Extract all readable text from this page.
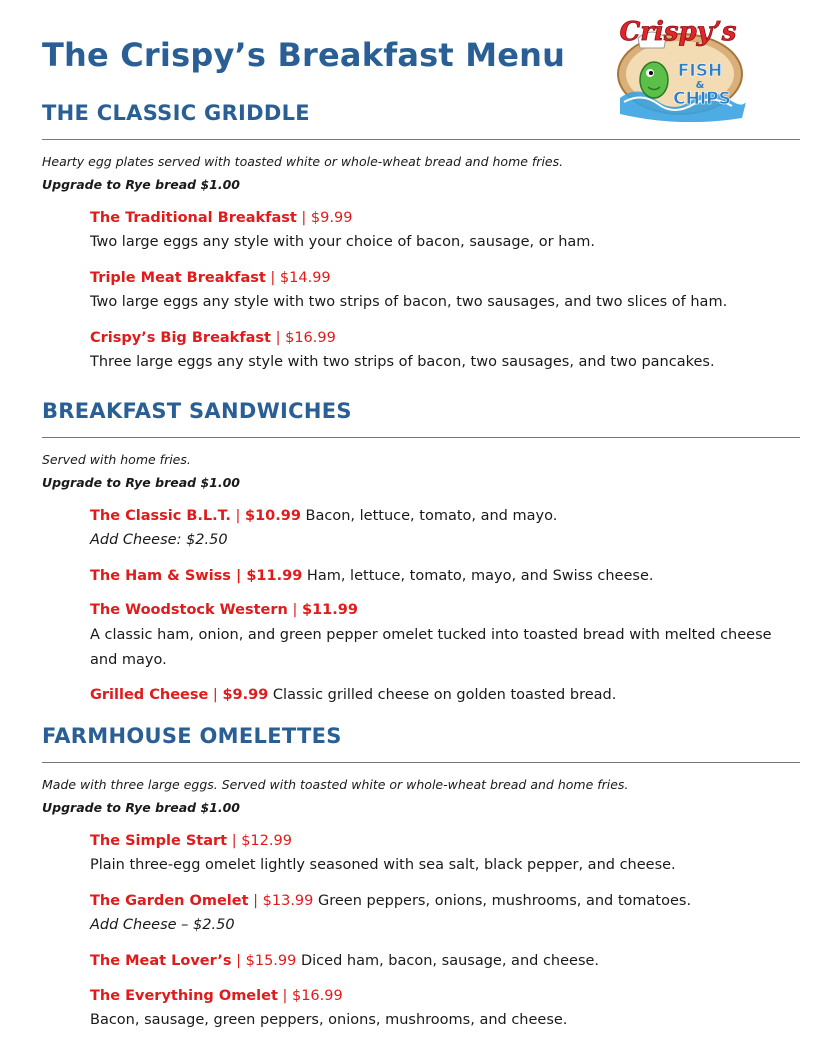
The Crispy’s Breakfast Menu
Crispy’s
FISH
&
CHIPS
THE CLASSIC GRIDDLE
Hearty egg plates served with toasted white or whole-wheat bread and home fries.
Upgrade to Rye bread $1.00
The Traditional Breakfast | $9.99
Two large eggs any style with your choice of bacon, sausage, or ham.
Triple Meat Breakfast | $14.99
Two large eggs any style with two strips of bacon, two sausages, and two slices of ham.
Crispy’s Big Breakfast | $16.99
Three large eggs any style with two strips of bacon, two sausages, and two pancakes.
BREAKFAST SANDWICHES
Served with home fries.
Upgrade to Rye bread $1.00
The Classic B.L.T. | $10.99 Bacon, lettuce, tomato, and mayo.
Add Cheese: $2.50
The Ham & Swiss | $11.99 Ham, lettuce, tomato, mayo, and Swiss cheese.
The Woodstock Western | $11.99
A classic ham, onion, and green pepper omelet tucked into toasted bread with melted cheese and mayo.
Grilled Cheese | $9.99 Classic grilled cheese on golden toasted bread.
FARMHOUSE OMELETTES
Made with three large eggs. Served with toasted white or whole-wheat bread and home fries.
Upgrade to Rye bread $1.00
The Simple Start | $12.99
Plain three-egg omelet lightly seasoned with sea salt, black pepper, and cheese.
The Garden Omelet | $13.99 Green peppers, onions, mushrooms, and tomatoes.
Add Cheese – $2.50
The Meat Lover’s | $15.99 Diced ham, bacon, sausage, and cheese.
The Everything Omelet | $16.99
Bacon, sausage, green peppers, onions, mushrooms, and cheese.
